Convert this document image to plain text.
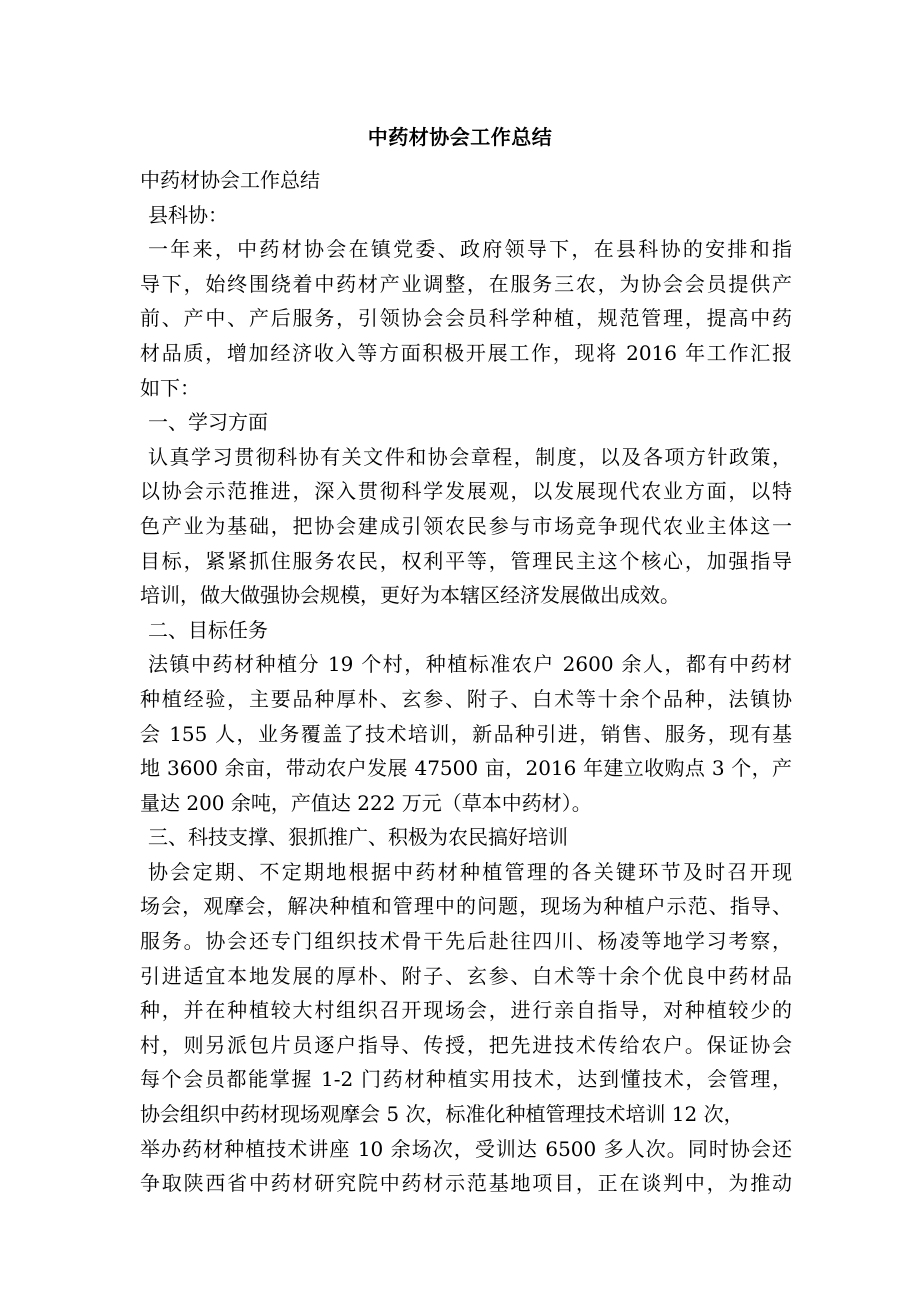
中药材协会工作总结
中药材协会工作总结
县科协：
一年来，中药材协会在镇党委、政府领导下，在县科协的安排和指
导下，始终围绕着中药材产业调整，在服务三农，为协会会员提供产
前、产中、产后服务，引领协会会员科学种植，规范管理，提高中药
材品质，增加经济收入等方面积极开展工作，现将 2016 年工作汇报
如下：
一、学习方面
认真学习贯彻科协有关文件和协会章程，制度，以及各项方针政策，
以协会示范推进，深入贯彻科学发展观，以发展现代农业方面，以特
色产业为基础，把协会建成引领农民参与市场竞争现代农业主体这一
目标，紧紧抓住服务农民，权利平等，管理民主这个核心，加强指导
培训，做大做强协会规模，更好为本辖区经济发展做出成效。
二、目标任务
法镇中药材种植分 19 个村，种植标准农户 2600 余人，都有中药材
种植经验，主要品种厚朴、玄参、附子、白术等十余个品种，法镇协
会 155 人，业务覆盖了技术培训，新品种引进，销售、服务，现有基
地 3600 余亩，带动农户发展 47500 亩，2016 年建立收购点 3 个，产
量达 200 余吨，产值达 222 万元（草本中药材）。
三、科技支撑、狠抓推广、积极为农民搞好培训
协会定期、不定期地根据中药材种植管理的各关键环节及时召开现
场会，观摩会，解决种植和管理中的问题，现场为种植户示范、指导、
服务。协会还专门组织技术骨干先后赴往四川、杨凌等地学习考察，
引进适宜本地发展的厚朴、附子、玄参、白术等十余个优良中药材品
种，并在种植较大村组织召开现场会，进行亲自指导，对种植较少的
村，则另派包片员逐户指导、传授，把先进技术传给农户。保证协会
每个会员都能掌握 1-2 门药材种植实用技术，达到懂技术，会管理，
协会组织中药材现场观摩会 5 次，标准化种植管理技术培训 12 次，
举办药材种植技术讲座 10 余场次，受训达 6500 多人次。同时协会还
争取陕西省中药材研究院中药材示范基地项目，正在谈判中，为推动
